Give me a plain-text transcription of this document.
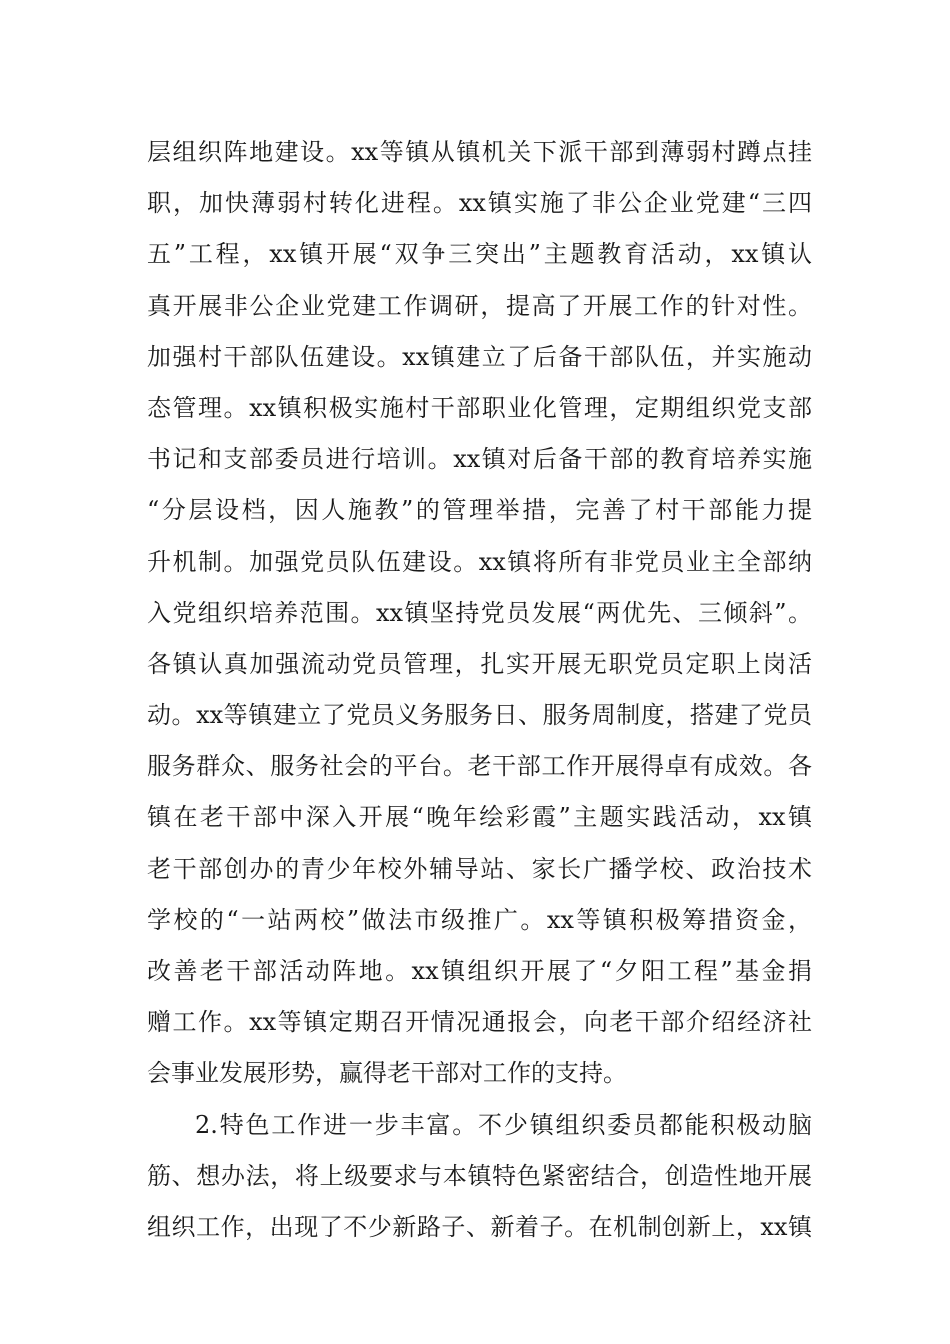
层组织阵地建设。xx等镇从镇机关下派干部到薄弱村蹲点挂
职，加快薄弱村转化进程。xx镇实施了非公企业党建“三四
五”工程，xx镇开展“双争三突出”主题教育活动，xx镇认
真开展非公企业党建工作调研，提高了开展工作的针对性。
加强村干部队伍建设。xx镇建立了后备干部队伍，并实施动
态管理。xx镇积极实施村干部职业化管理，定期组织党支部
书记和支部委员进行培训。xx镇对后备干部的教育培养实施
“分层设档，因人施教”的管理举措，完善了村干部能力提
升机制。加强党员队伍建设。xx镇将所有非党员业主全部纳
入党组织培养范围。xx镇坚持党员发展“两优先、三倾斜”。
各镇认真加强流动党员管理，扎实开展无职党员定职上岗活
动。xx等镇建立了党员义务服务日、服务周制度，搭建了党员
服务群众、服务社会的平台。老干部工作开展得卓有成效。各
镇在老干部中深入开展“晚年绘彩霞”主题实践活动，xx镇
老干部创办的青少年校外辅导站、家长广播学校、政治技术
学校的“一站两校”做法市级推广。xx等镇积极筹措资金，
改善老干部活动阵地。xx镇组织开展了“夕阳工程”基金捐
赠工作。xx等镇定期召开情况通报会，向老干部介绍经济社
会事业发展形势，赢得老干部对工作的支持。
2.特色工作进一步丰富。不少镇组织委员都能积极动脑
筋、想办法，将上级要求与本镇特色紧密结合，创造性地开展
组织工作，出现了不少新路子、新着子。在机制创新上，xx镇
